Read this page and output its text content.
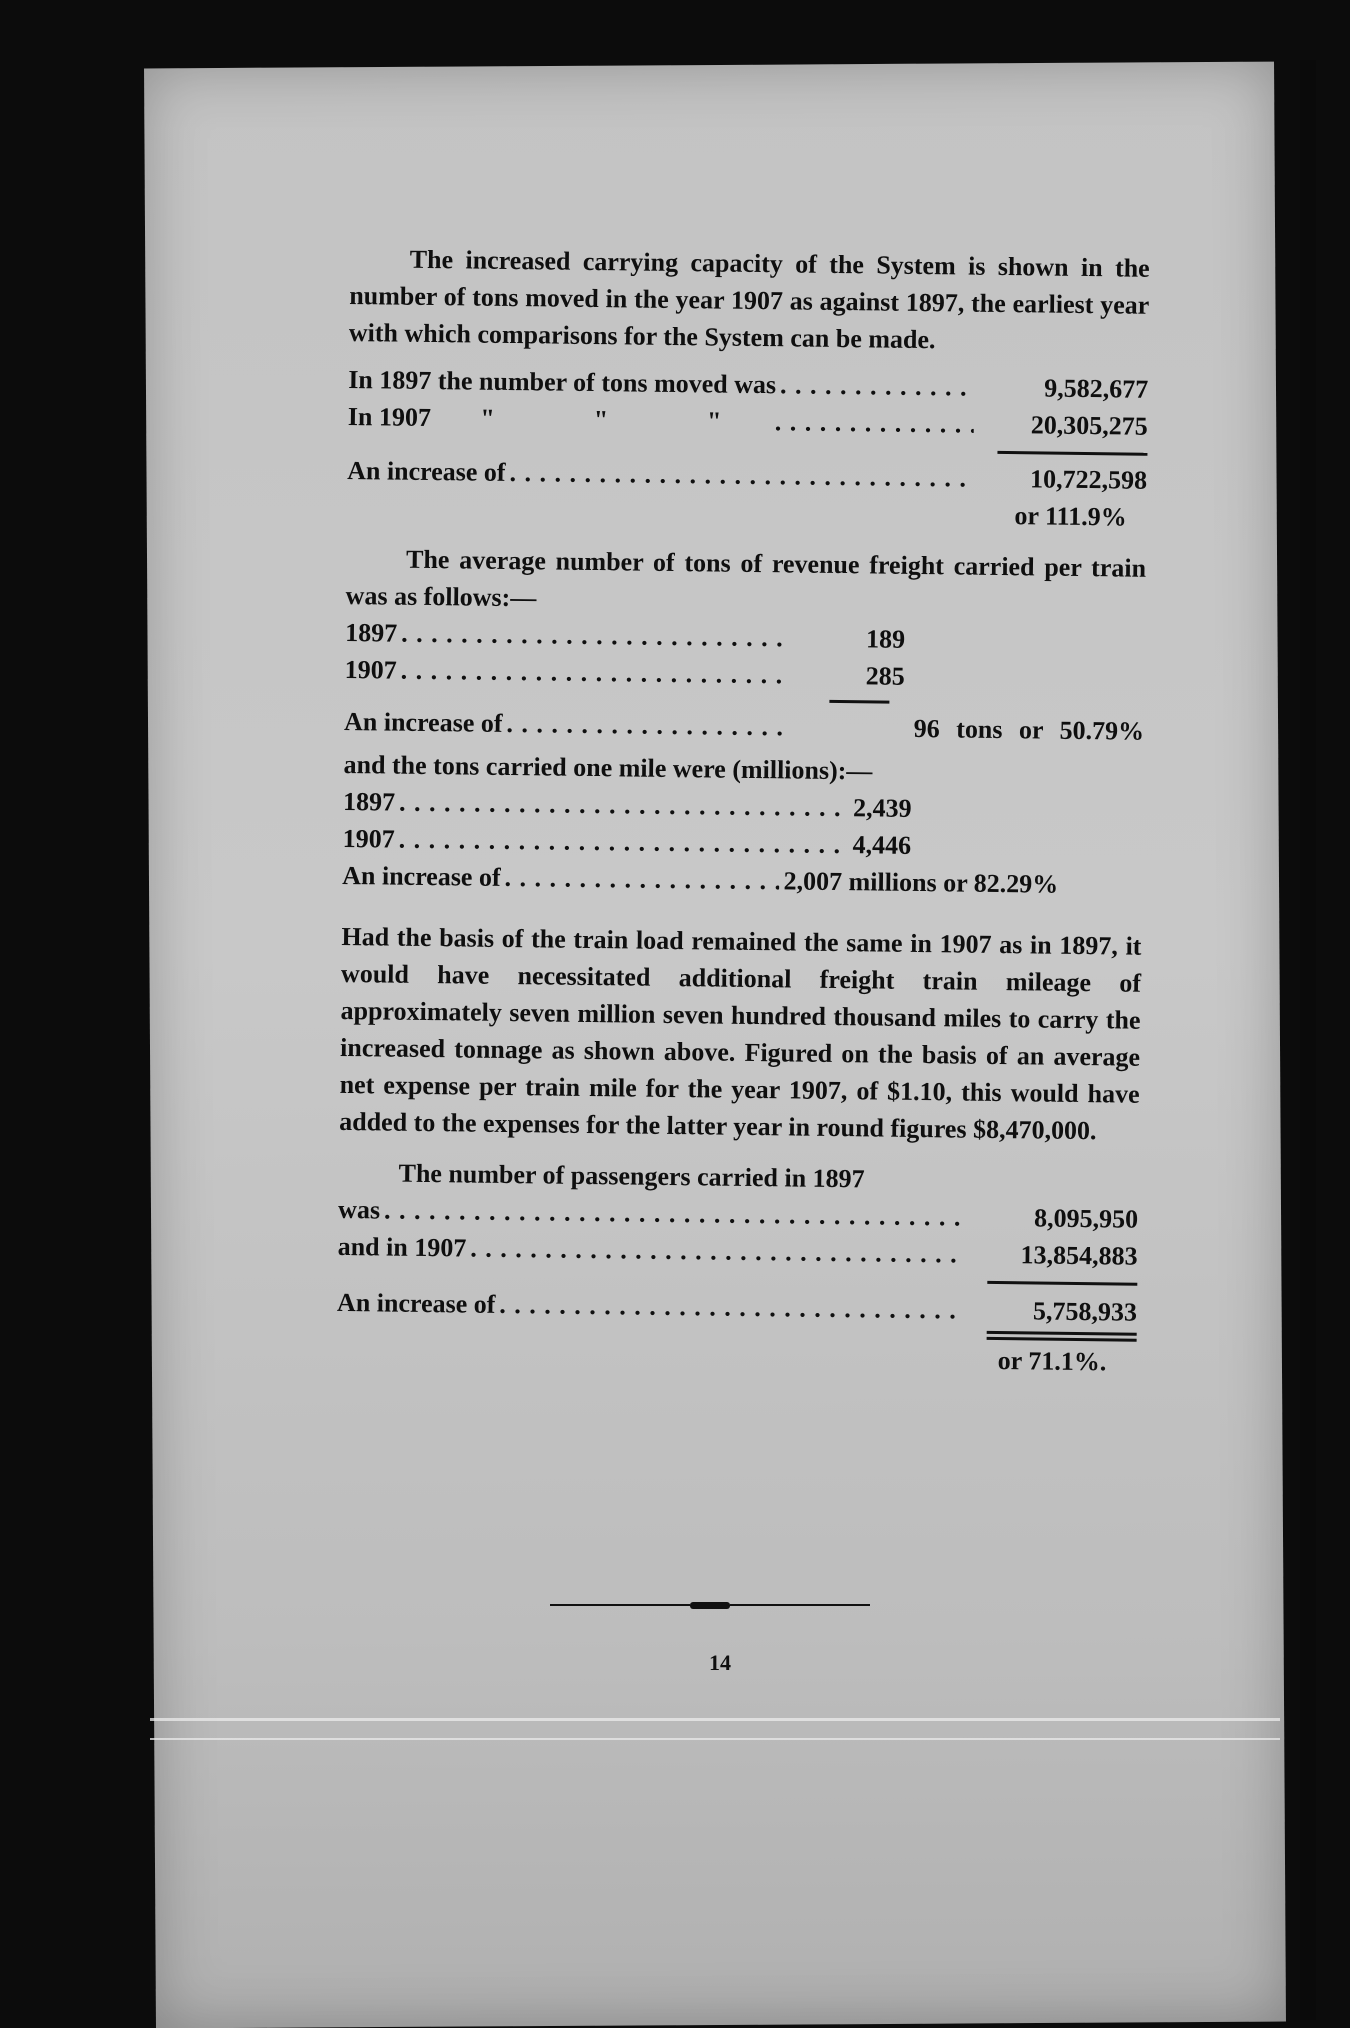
The increased carrying capacity of the System is shown in the number of tons moved in the year 1907 as against 1897, the earliest year with which comparisons for the System can be made.

In 1897 the number of tons moved was . . .	9,582,677
In 1907 "	"	" . . .	20,305,275
An increase of . . .	10,722,598
or 111.9%

The average number of tons of revenue freight carried per train was as follows:—

1897 . . .	189
1907 . . .	285
An increase of . . .	96 tons or 50.79%
and the tons carried one mile were (millions):—
1897 . . .	2,439
1907 . . .	4,446
An increase of . . .	2,007 millions or 82.29%

Had the basis of the train load remained the same in 1907 as in 1897, it would have necessitated additional freight train mileage of approximately seven million seven hundred thousand miles to carry the increased tonnage as shown above. Figured on the basis of an average net expense per train mile for the year 1907, of $1.10, this would have added to the expenses for the latter year in round figures $8,470,000.

The number of passengers carried in 1897
was . . .	8,095,950
and in 1907 . . .	13,854,883
An increase of . . .	5,758,933
or 71.1%.
14
